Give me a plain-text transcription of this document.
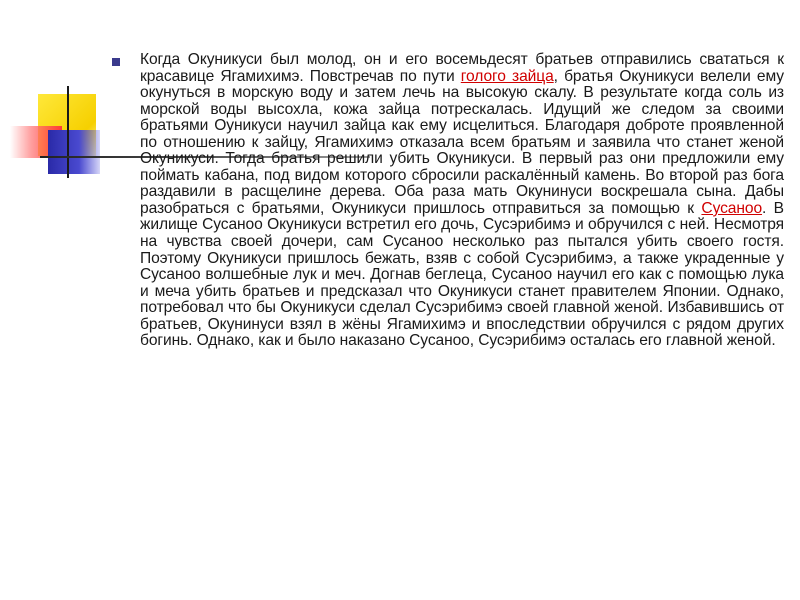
Когда Окуникуси был молод, он и его восемьдесят братьев отправились свататься к красавице Ягамихимэ. Повстречав по пути голого зайца, братья Окуникуси велели ему окунуться в морскую воду и затем лечь на высокую скалу. В результате когда соль из морской воды высохла, кожа зайца потрескалась. Идущий же следом за своими братьями Оуникуси научил зайца как ему исцелиться. Благодаря доброте проявленной по отношению к зайцу, Ягамихимэ отказала всем братьям и заявила что станет женой Окуникуси. Тогда братья решили убить Окуникуси. В первый раз они предложили ему поймать кабана, под видом которого сбросили раскалённый камень. Во второй раз бога раздавили в расщелине дерева. Оба раза мать Окунинуси воскрешала сына. Дабы разобраться с братьями, Окуникуси пришлось отправиться за помощью к Сусаноо. В жилище Сусаноо Окуникуси встретил его дочь, Сусэрибимэ и обручился с ней. Несмотря на чувства своей дочери, сам Сусаноо несколько раз пытался убить своего гостя. Поэтому Окуникуси пришлось бежать, взяв с собой Сусэрибимэ, а также украденные у Сусаноо волшебные лук и меч. Догнав беглеца, Сусаноо научил его как с помощью лука и меча убить братьев и предсказал что Окуникуси станет правителем Японии. Однако, потребовал что бы Окуникуси сделал Сусэрибимэ своей главной женой. Избавившись от братьев, Окунинуси взял в жёны Ягамихимэ и впоследствии обручился с рядом других богинь. Однако, как и было наказано Сусаноо, Сусэрибимэ осталась его главной женой.
